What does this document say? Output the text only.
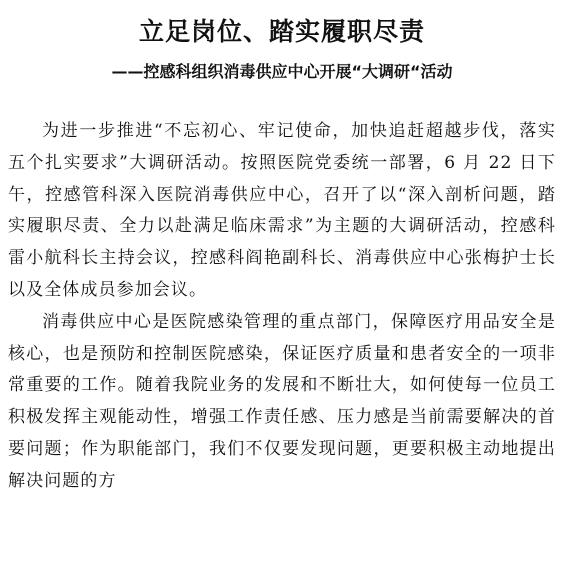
立足岗位、踏实履职尽责
——控感科组织消毒供应中心开展“大调研“活动

为进一步推进“不忘初心、牢记使命，加快追赶超越步伐，落实五个扎实要求”大调研活动。按照医院党委统一部署，6 月 22 日下午，控感管科深入医院消毒供应中心，召开了以“深入剖析问题，踏实履职尽责、全力以赴满足临床需求”为主题的大调研活动，控感科雷小航科长主持会议，控感科阎艳副科长、消毒供应中心张梅护士长以及全体成员参加会议。

消毒供应中心是医院感染管理的重点部门，保障医疗用品安全是核心，也是预防和控制医院感染，保证医疗质量和患者安全的一项非常重要的工作。随着我院业务的发展和不断壮大，如何使每一位员工积极发挥主观能动性，增强工作责任感、压力感是当前需要解决的首要问题；作为职能部门，我们不仅要发现问题，更要积极主动地提出解决问题的方
